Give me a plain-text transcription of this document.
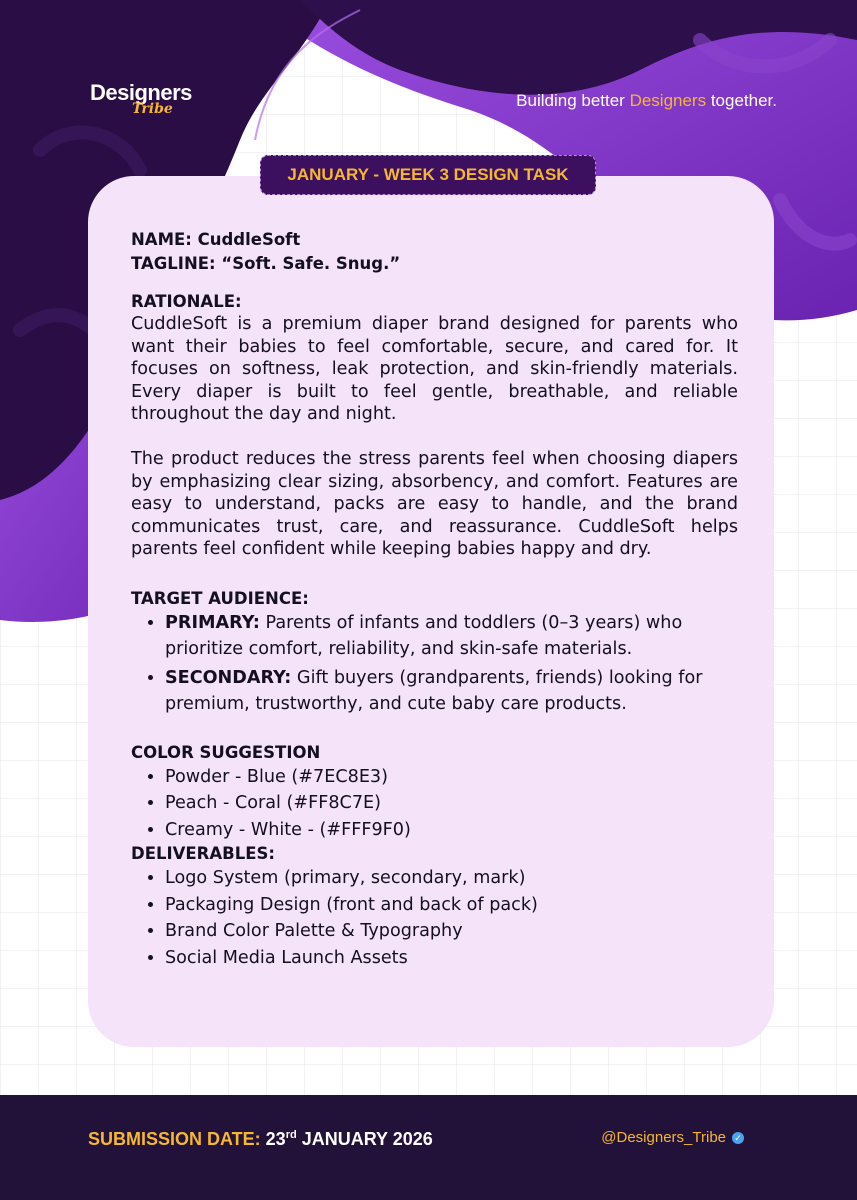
Designers
Tribe	Building better Designers together.
JANUARY - WEEK 3 DESIGN TASK

NAME: CuddleSoft

TAGLINE: “Soft. Safe. Snug.”

RATIONALE:

CuddleSoft is a premium diaper brand designed for parents who want their babies to feel comfortable, secure, and cared for. It focuses on softness, leak protection, and skin-friendly materials. Every diaper is built to feel gentle, breathable, and reliable throughout the day and night.

The product reduces the stress parents feel when choosing diapers by emphasizing clear sizing, absorbency, and comfort. Features are easy to understand, packs are easy to handle, and the brand communicates trust, care, and reassurance. CuddleSoft helps parents feel confident while keeping babies happy and dry.

TARGET AUDIENCE:

• PRIMARY: Parents of infants and toddlers (0–3 years) who prioritize comfort, reliability, and skin-safe materials.
• SECONDARY: Gift buyers (grandparents, friends) looking for premium, trustworthy, and cute baby care products.

COLOR SUGGESTION

• Powder - Blue (#7EC8E3)
• Peach - Coral (#FF8C7E)
• Creamy - White - (#FFF9F0)

DELIVERABLES:

• Logo System (primary, secondary, mark)
• Packaging Design (front and back of pack)
• Brand Color Palette & Typography
• Social Media Launch Assets
SUBMISSION DATE: 23rd JANUARY 2026	@Designers_Tribe ✓
